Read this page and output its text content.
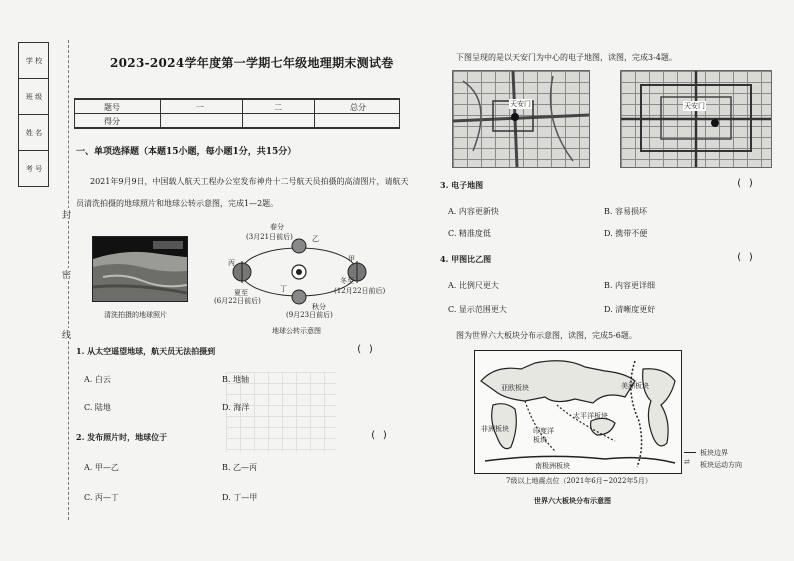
学 校
班 级
姓 名
考 号
封
密
线
2023-2024学年度第一学期七年级地理期末测试卷
题号	一	二	总分
得分
一、单项选择题（本题15小题，每小题1分，共15分）
2021年9月9日，中国载人航天工程办公室发布神舟十二号航天员拍摄的高清图片，请航天
员清洗拍摄的地球照片和地球公转示意图，完成1—2题。
清洗拍摄的地球照片
春分
(3月21日前后)
夏至
(6月22日前后)
冬至
(12月22日前后)
秋分
(9月23日前后)
甲
乙
丙
丁
地球公转示意图
1. 从太空遥望地球，航天员无法拍摄到	( )
A. 白云	B. 地轴
C. 陆地	D. 海洋
2. 发布照片时，地球位于	( )
A. 甲—乙	B. 乙—丙
C. 丙—丁	D. 丁—甲
下图呈现的是以天安门为中心的电子地图，读图，完成3-4题。
天安门	天安门
3. 电子地图	( )
A. 内容更新快	B. 容易损坏
C. 精准度低	D. 携带不便
4. 甲图比乙图	( )
A. 比例尺更大	B. 内容更详细
C. 显示范围更大	D. 清晰度更好
图为世界六大板块分布示意图，读图，完成5-6题。
亚欧板块
太平洋板块
非洲板块	印度洋板块
美洲板块
南极洲板块
板块边界
⇄ 板块运动方向
7级以上地震点位（2021年6月~2022年5月）
世界六大板块分布示意图
